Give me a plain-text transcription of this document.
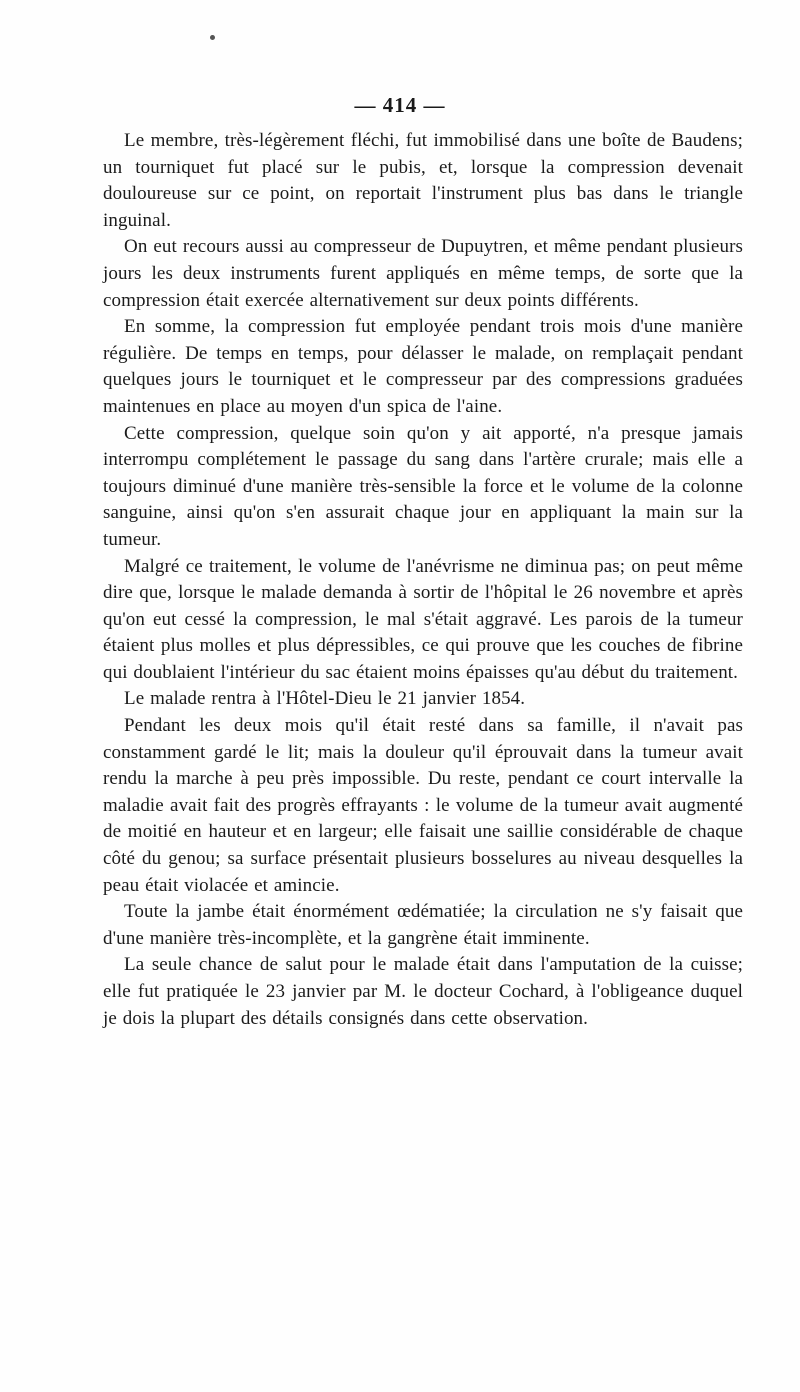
— 414 —

Le membre, très-légèrement fléchi, fut immobilisé dans une boîte de Baudens; un tourniquet fut placé sur le pubis, et, lorsque la compression devenait douloureuse sur ce point, on reportait l'instrument plus bas dans le triangle inguinal.

On eut recours aussi au compresseur de Dupuytren, et même pendant plusieurs jours les deux instruments furent appliqués en même temps, de sorte que la compression était exercée alternativement sur deux points différents.

En somme, la compression fut employée pendant trois mois d'une manière régulière. De temps en temps, pour délasser le malade, on remplaçait pendant quelques jours le tourniquet et le compresseur par des compressions graduées maintenues en place au moyen d'un spica de l'aine.

Cette compression, quelque soin qu'on y ait apporté, n'a presque jamais interrompu complétement le passage du sang dans l'artère crurale; mais elle a toujours diminué d'une manière très-sensible la force et le volume de la colonne sanguine, ainsi qu'on s'en assurait chaque jour en appliquant la main sur la tumeur.

Malgré ce traitement, le volume de l'anévrisme ne diminua pas; on peut même dire que, lorsque le malade demanda à sortir de l'hôpital le 26 novembre et après qu'on eut cessé la compression, le mal s'était aggravé. Les parois de la tumeur étaient plus molles et plus dépressibles, ce qui prouve que les couches de fibrine qui doublaient l'intérieur du sac étaient moins épaisses qu'au début du traitement.

Le malade rentra à l'Hôtel-Dieu le 21 janvier 1854.

Pendant les deux mois qu'il était resté dans sa famille, il n'avait pas constamment gardé le lit; mais la douleur qu'il éprouvait dans la tumeur avait rendu la marche à peu près impossible. Du reste, pendant ce court intervalle la maladie avait fait des progrès effrayants : le volume de la tumeur avait augmenté de moitié en hauteur et en largeur; elle faisait une saillie considérable de chaque côté du genou; sa surface présentait plusieurs bosselures au niveau desquelles la peau était violacée et amincie.

Toute la jambe était énormément œdématiée; la circulation ne s'y faisait que d'une manière très-incomplète, et la gangrène était imminente.

La seule chance de salut pour le malade était dans l'amputation de la cuisse; elle fut pratiquée le 23 janvier par M. le docteur Cochard, à l'obligeance duquel je dois la plupart des détails consignés dans cette observation.
